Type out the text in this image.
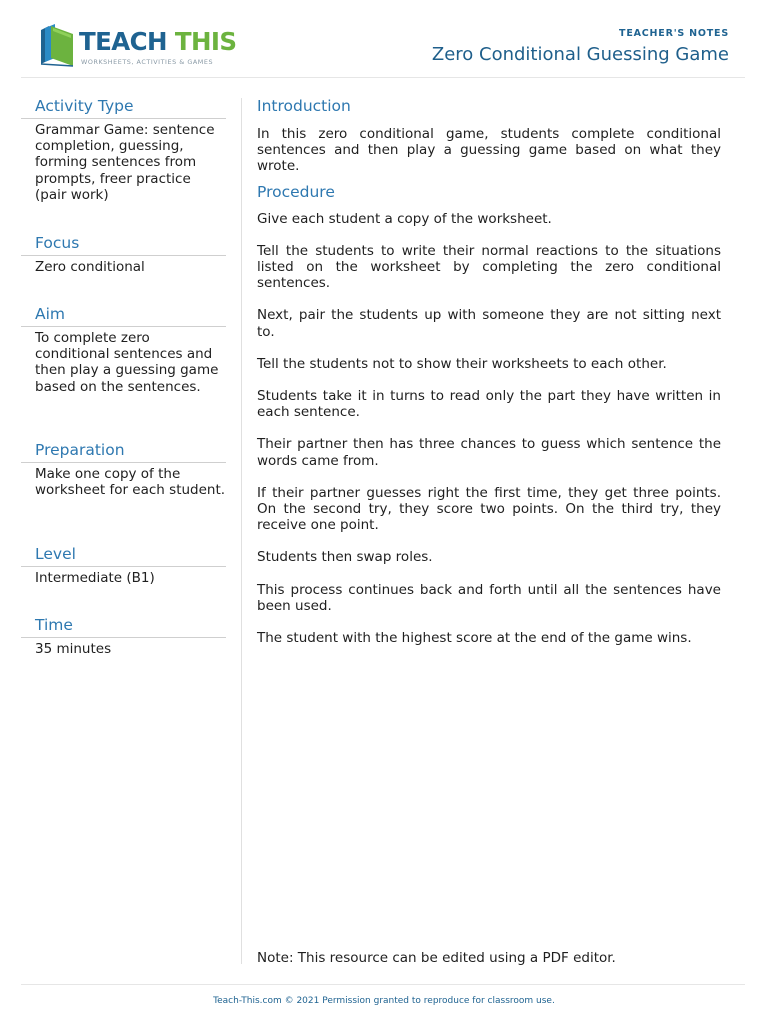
TEACH THIS
WORKSHEETS, ACTIVITIES & GAMES
TEACHER'S NOTES
Zero Conditional Guessing Game
Activity Type
Grammar Game: sentence completion, guessing, forming sentences from prompts, freer practice (pair work)
Focus
Zero conditional
Aim
To complete zero conditional sentences and then play a guessing game based on the sentences.
Preparation
Make one copy of the worksheet for each student.
Level
Intermediate (B1)
Time
35 minutes
Introduction
In this zero conditional game, students complete conditional sentences and then play a guessing game based on what they wrote.
Procedure
Give each student a copy of the worksheet.
Tell the students to write their normal reactions to the situations listed on the worksheet by completing the zero conditional sentences.
Next, pair the students up with someone they are not sitting next to.
Tell the students not to show their worksheets to each other.
Students take it in turns to read only the part they have written in each sentence.
Their partner then has three chances to guess which sentence the words came from.
If their partner guesses right the first time, they get three points. On the second try, they score two points. On the third try, they receive one point.
Students then swap roles.
This process continues back and forth until all the sentences have been used.
The student with the highest score at the end of the game wins.
Note: This resource can be edited using a PDF editor.
Teach-This.com © 2021 Permission granted to reproduce for classroom use.
